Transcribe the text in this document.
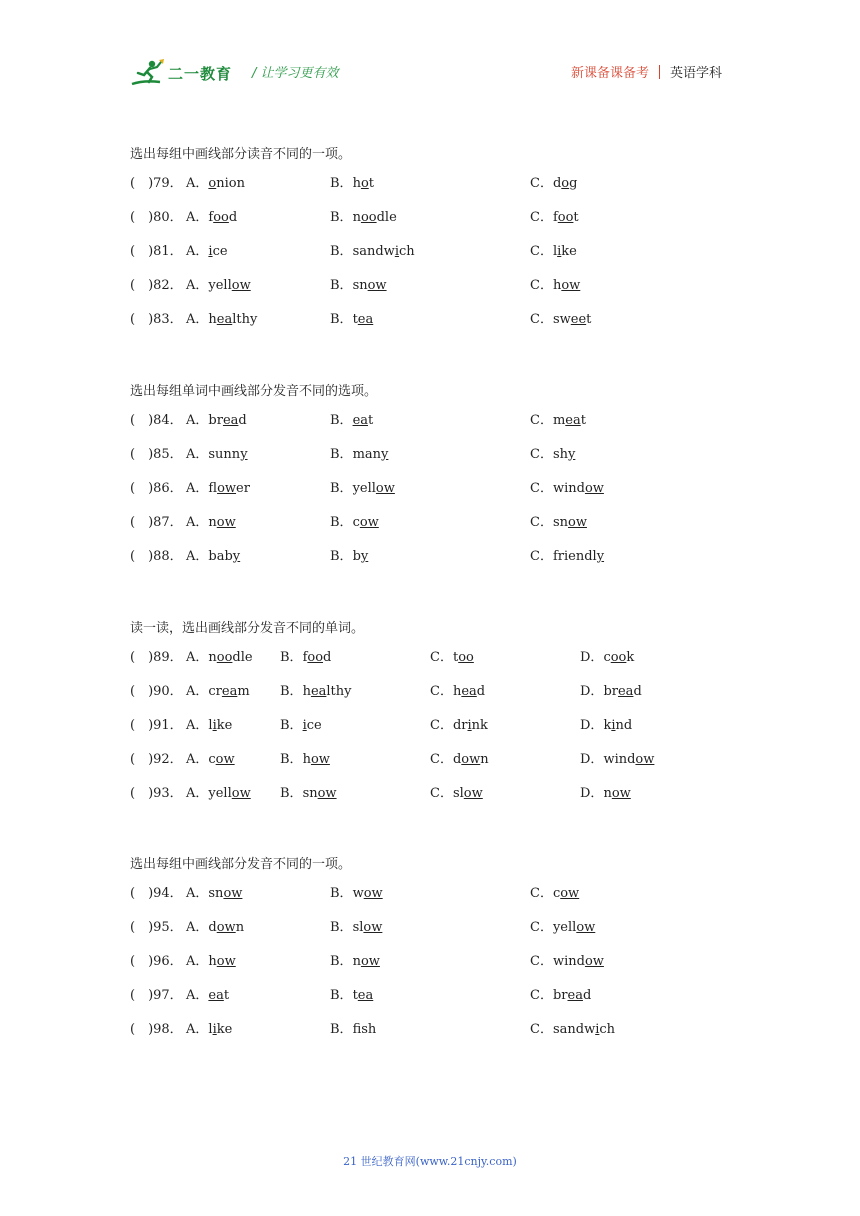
二一教育 / 让学习更有效	新课备课备考 英语学科
选出每组中画线部分读音不同的一项。
(　)79． A．onion	B．hot	C．dog
(　)80． A．food	B．noodle	C．foot
(　)81． A．ice	B．sandwich	C．like
(　)82． A．yellow	B．snow	C．how
(　)83． A．healthy	B．tea	C．sweet
选出每组单词中画线部分发音不同的选项。
(　)84． A．bread	B．eat	C．meat
(　)85． A．sunny	B．many	C．shy
(　)86． A．flower	B．yellow	C．window
(　)87． A．now	B．cow	C．snow
(　)88． A．baby	B．by	C．friendly
读一读，选出画线部分发音不同的单词。
(　)89． A．noodle B．food	C．too	D．cook
(　)90． A．cream B．healthy	C．head	D．bread
(　)91． A．like	B．ice	C．drink	D．kind
(　)92． A．cow	B．how	C．down	D．window
(　)93． A．yellow B．snow	C．slow	D．now
选出每组中画线部分发音不同的一项。
(　)94． A．snow	B．wow	C．cow
(　)95． A．down	B．slow	C．yellow
(　)96． A．how	B．now	C．window
(　)97． A．eat	B．tea	C．bread
(　)98． A．like	B．fsh	C．sandwich
21 世纪教育网(www.21cnjy.com)
